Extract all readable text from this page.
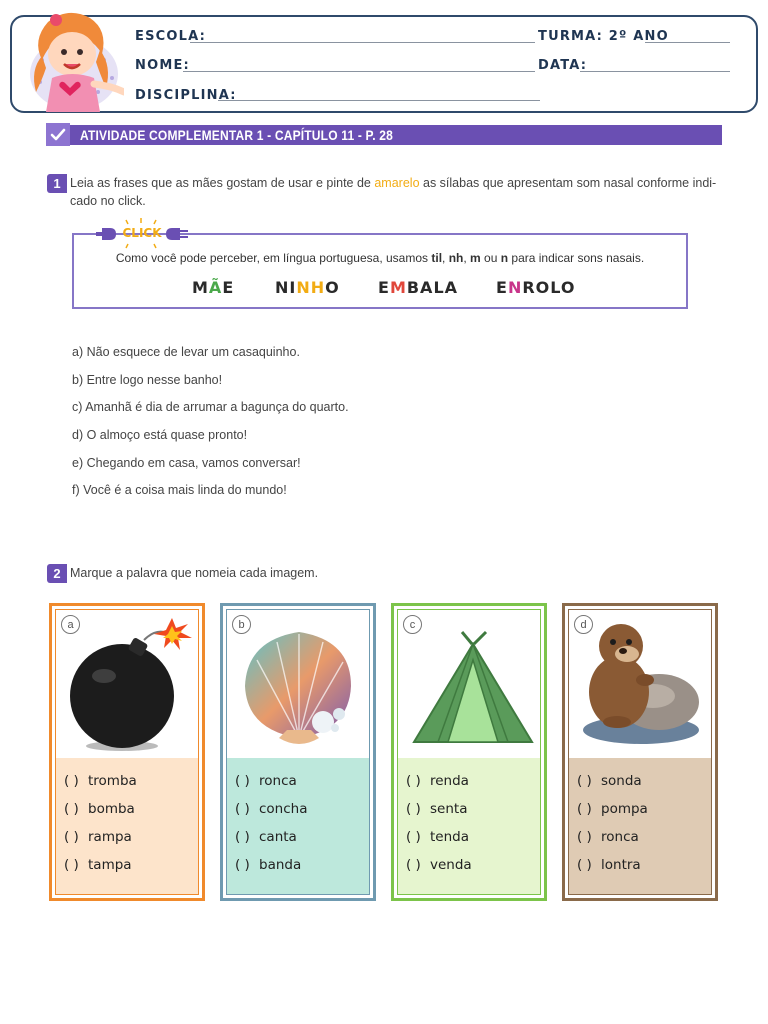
ESCOLA:	TURMA: 2º ANO
NOME:	DATA:
DISCIPLINA:
ATIVIDADE COMPLEMENTAR 1 - CAPÍTULO 11 - P. 28
1 Leia as frases que as mães gostam de usar e pinte de amarelo as sílabas que apresentam som nasal conforme indi-
cado no click.
CLICK
Como você pode perceber, em língua portuguesa, usamos til, nh, m ou n para indicar sons nasais.
MÃE	NINHO EMBALA ENROLO
a) Não esquece de levar um casaquinho.
b) Entre logo nesse banho!
c) Amanhã é dia de arrumar a bagunça do quarto.
d) O almoço está quase pronto!
e) Chegando em casa, vamos conversar!
f) Você é a coisa mais linda do mundo!
2 Marque a palavra que nomeia cada imagem.
a
( ) tromba
( ) bomba
( ) rampa
( ) tampa
b
( ) ronca
( ) concha
( ) canta
( ) banda
c
( ) renda
( ) senta
( ) tenda
( ) venda
d
( ) sonda
( ) pompa
( ) ronca
( ) lontra
